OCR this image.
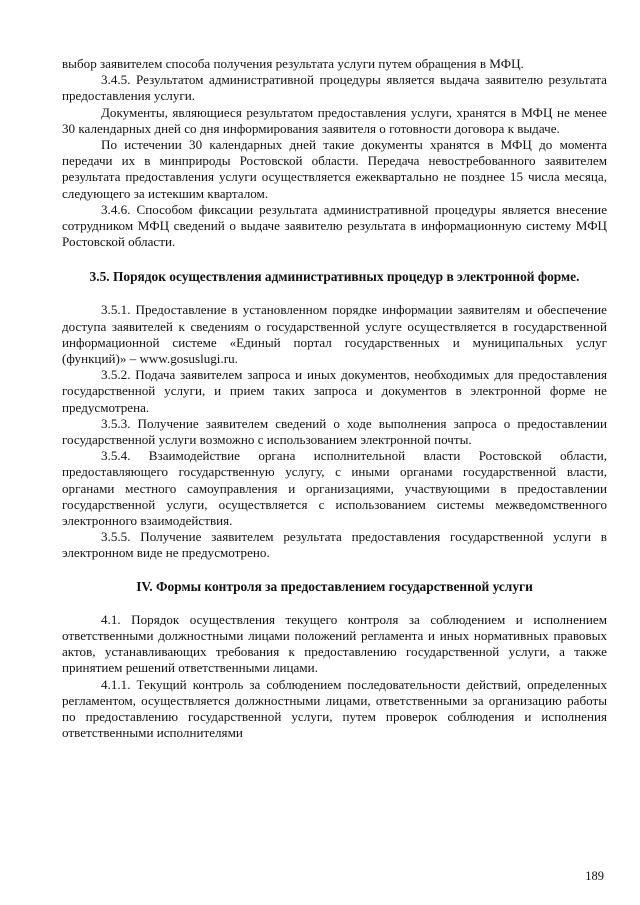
выбор заявителем способа получения результата услуги путем обращения в МФЦ.

3.4.5. Результатом административной процедуры является выдача заявителю результата предоставления услуги.

Документы, являющиеся результатом предоставления услуги, хранятся в МФЦ не менее 30 календарных дней со дня информирования заявителя о готовности договора к выдаче.

По истечении 30 календарных дней такие документы хранятся в МФЦ до момента передачи их в минприроды Ростовской области. Передача невостребованного заявителем результата предоставления услуги осуществляется ежеквартально не позднее 15 числа месяца, следующего за истекшим кварталом.

3.4.6. Способом фиксации результата административной процедуры является внесение сотрудником МФЦ сведений о выдаче заявителю результата в информационную систему МФЦ Ростовской области.

3.5. Порядок осуществления административных процедур в электронной форме.

3.5.1. Предоставление в установленном порядке информации заявителям и обеспечение доступа заявителей к сведениям о государственной услуге осуществляется в государственной информационной системе «Единый портал государственных и муниципальных услуг (функций)» – www.gosuslugi.ru.

3.5.2. Подача заявителем запроса и иных документов, необходимых для предоставления государственной услуги, и прием таких запроса и документов в электронной форме не предусмотрена.

3.5.3. Получение заявителем сведений о ходе выполнения запроса о предоставлении государственной услуги возможно с использованием электронной почты.

3.5.4. Взаимодействие органа исполнительной власти Ростовской области, предоставляющего государственную услугу, с иными органами государственной власти, органами местного самоуправления и организациями, участвующими в предоставлении государственной услуги, осуществляется с использованием системы межведомственного электронного взаимодействия.

3.5.5. Получение заявителем результата предоставления государственной услуги в электронном виде не предусмотрено.

IV. Формы контроля за предоставлением государственной услуги

4.1. Порядок осуществления текущего контроля за соблюдением и исполнением ответственными должностными лицами положений регламента и иных нормативных правовых актов, устанавливающих требования к предоставлению государственной услуги, а также принятием решений ответственными лицами.

4.1.1. Текущий контроль за соблюдением последовательности действий, определенных регламентом, осуществляется должностными лицами, ответственными за организацию работы по предоставлению государственной услуги, путем проверок соблюдения и исполнения ответственными исполнителями

189
